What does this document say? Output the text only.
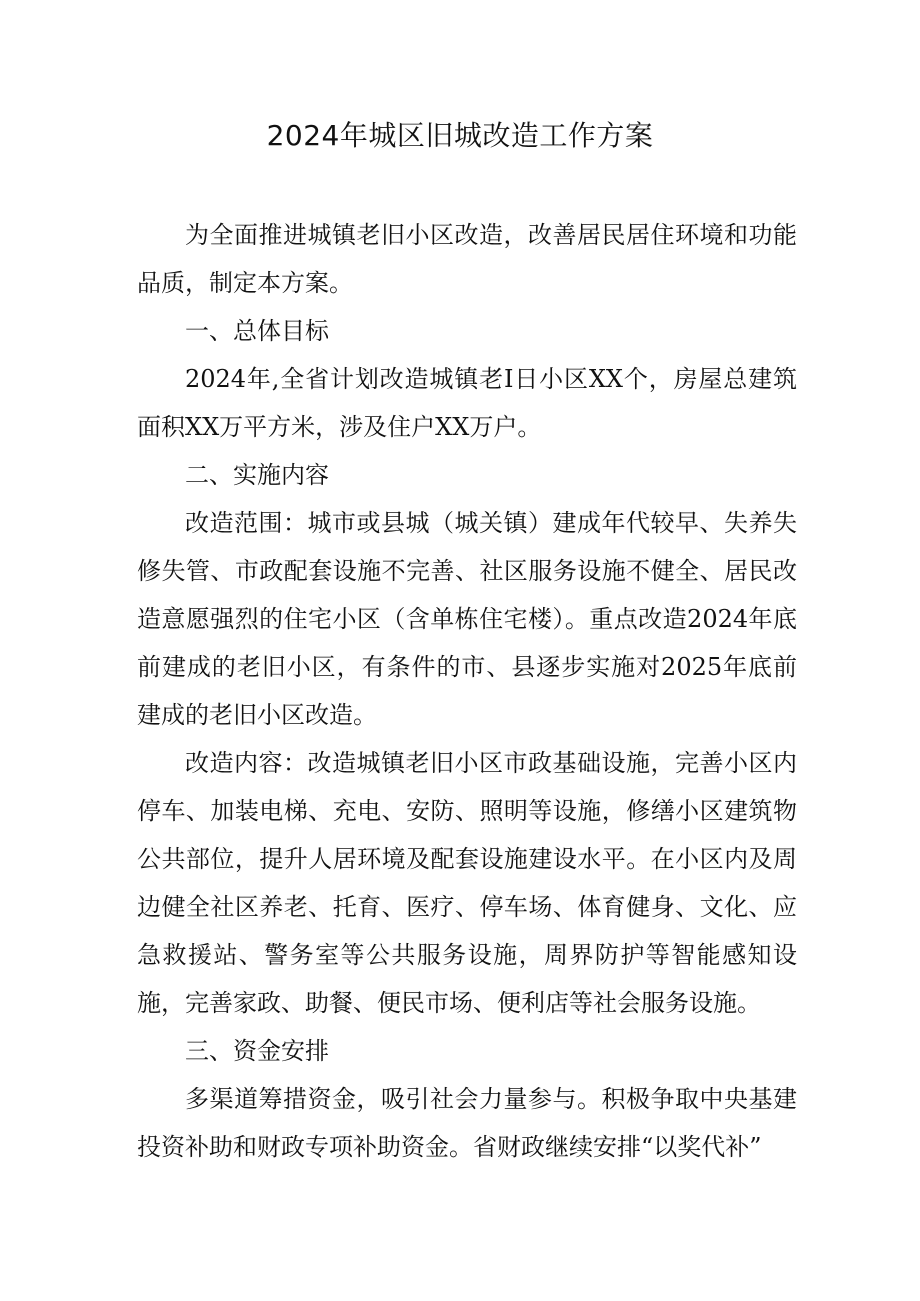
2024年城区旧城改造工作方案

为全面推进城镇老旧小区改造，改善居民居住环境和功能品质，制定本方案。

一、总体目标

2024年,全省计划改造城镇老I日小区XX个，房屋总建筑面积XX万平方米，涉及住户XX万户。

二、实施内容

改造范围：城市或县城（城关镇）建成年代较早、失养失修失管、市政配套设施不完善、社区服务设施不健全、居民改造意愿强烈的住宅小区（含单栋住宅楼）。重点改造2024年底前建成的老旧小区，有条件的市、县逐步实施对2025年底前建成的老旧小区改造。

改造内容：改造城镇老旧小区市政基础设施，完善小区内停车、加装电梯、充电、安防、照明等设施，修缮小区建筑物公共部位，提升人居环境及配套设施建设水平。在小区内及周边健全社区养老、托育、医疗、停车场、体育健身、文化、应急救援站、警务室等公共服务设施，周界防护等智能感知设施，完善家政、助餐、便民市场、便利店等社会服务设施。

三、资金安排

多渠道筹措资金，吸引社会力量参与。积极争取中央基建投资补助和财政专项补助资金。省财政继续安排“以奖代补”
